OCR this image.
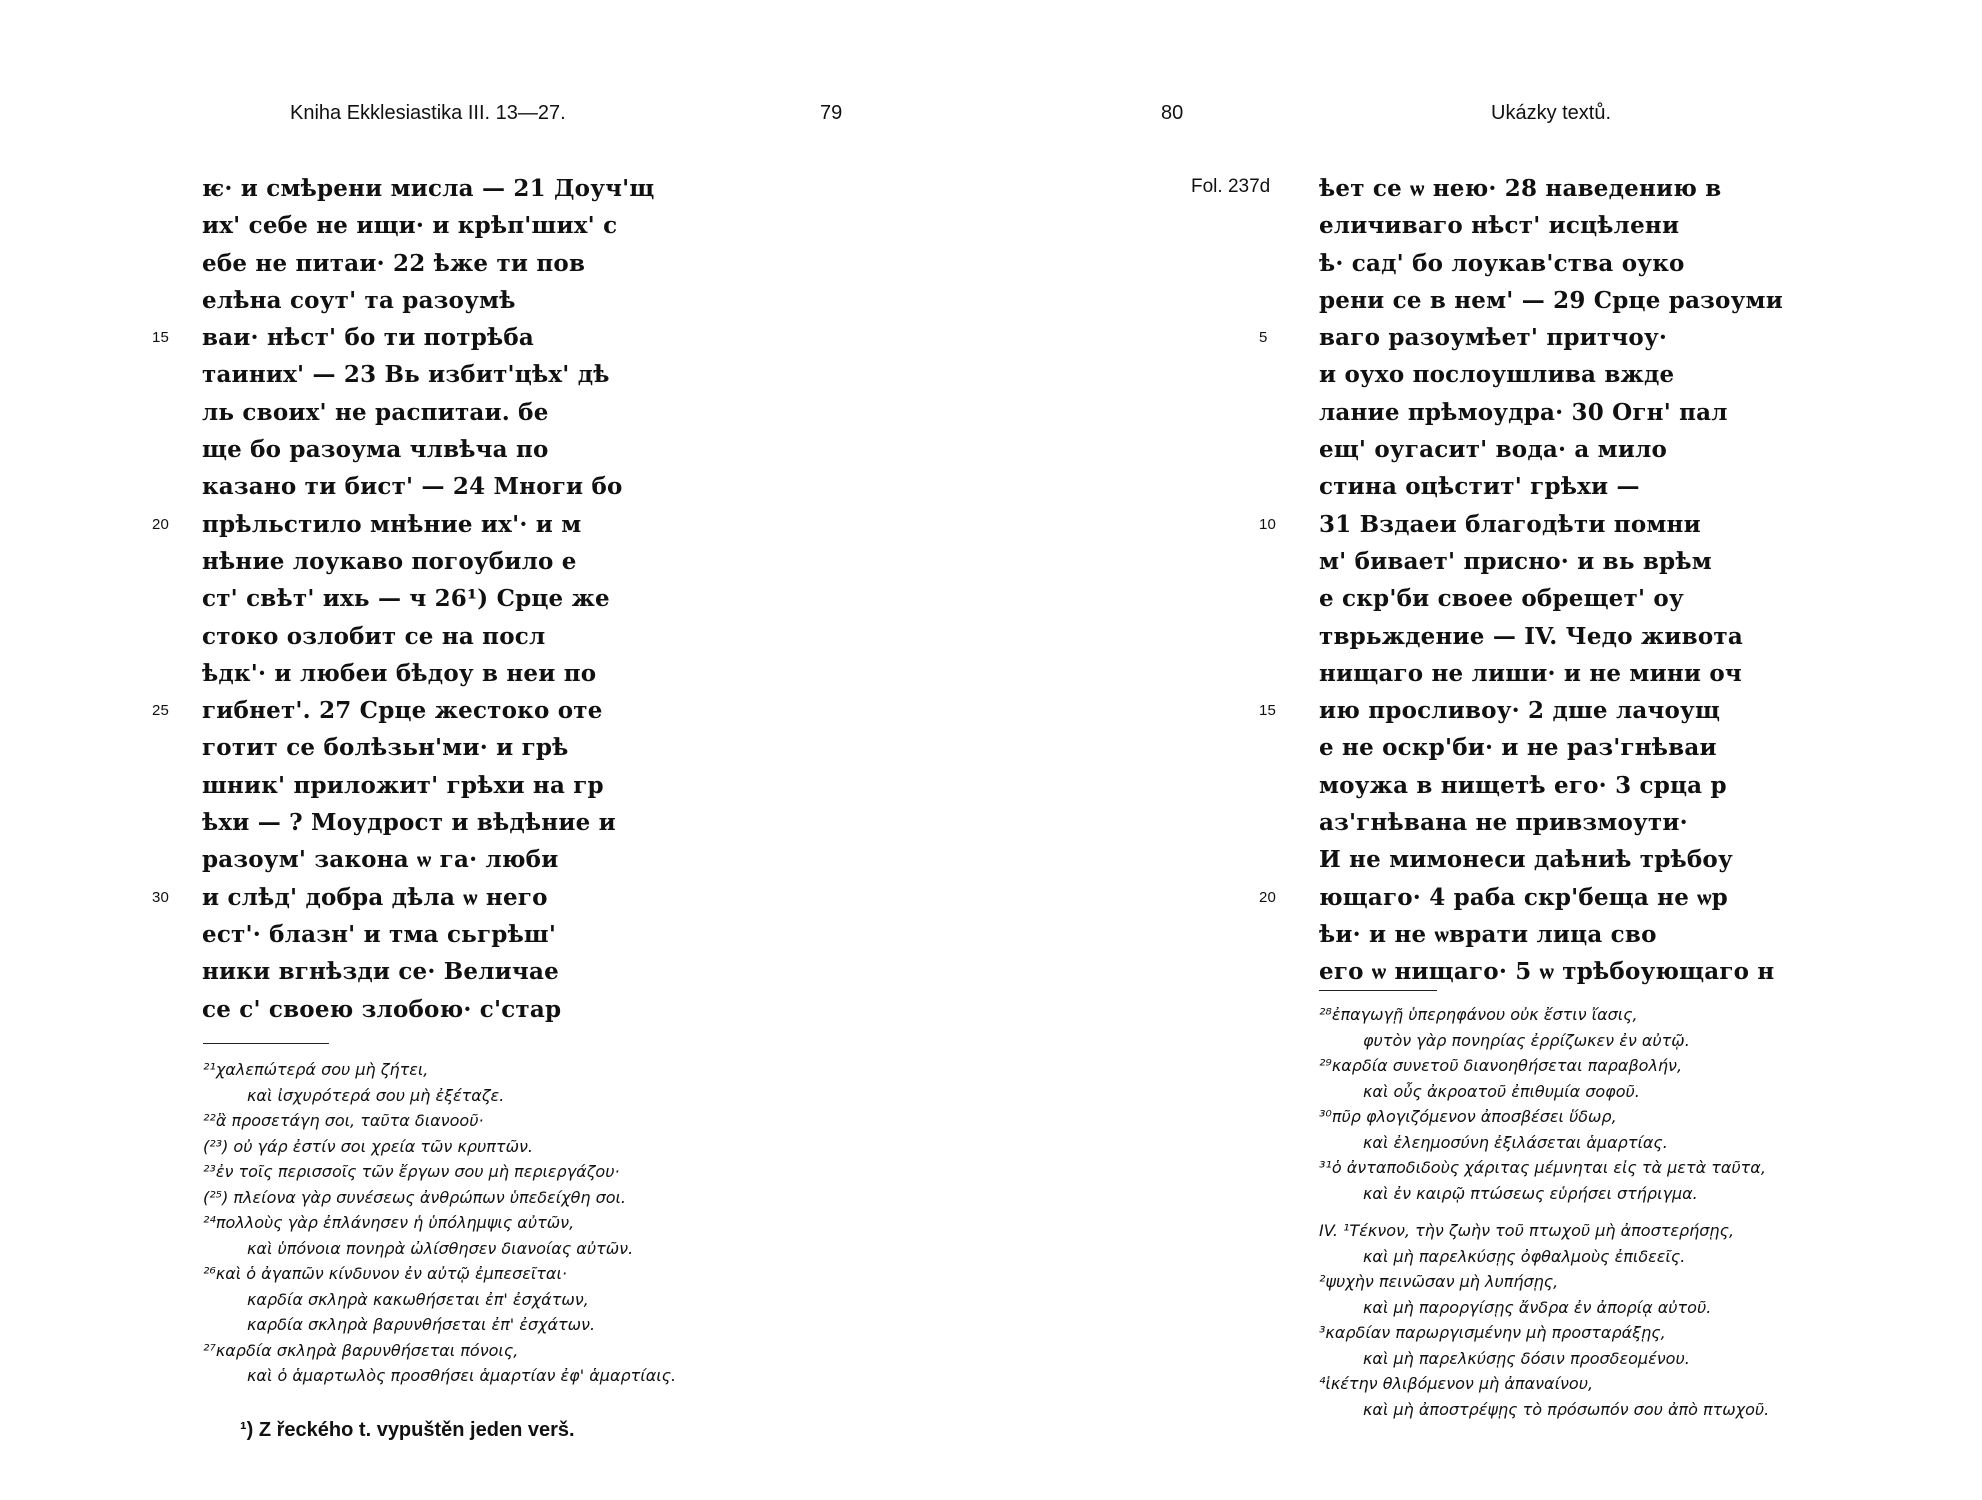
Kniha Ekklesiastika III. 13—27.	79
ѥ· и смѣрени мисла — 21 Доуч'щ
их' себе не ищи· и крѣп'ших' с
ебе не питаи· 22 ѣже ти пов
елѣна соут' та разоумѣ
15	ваи· нѣст' бо ти потрѣба
таиних' — 23 Вь избит'цѣх' дѣ
ль своих' не распитаи. бе
ще бо разоума члвѣча по
казано ти бист' — 24 Многи бо
20	прѣльстило мнѣние их'· и м
нѣние лоукаво погоубило е
ст' свѣт' ихь — ч 26¹) Срце же
стоко озлобит се на посл
ѣдк'· и любеи бѣдоу в неи по
25	гибнет'. 27 Срце жестоко оте
готит се болѣзьн'ми· и грѣ
шник' приложит' грѣхи на гр
ѣхи — ? Моудрост и вѣдѣние и
разоум' закона ѡ га· люби
30	и слѣд' добра дѣла ѡ него
ест'· блазн' и тма сьгрѣш'
ники вгнѣзди се· Величае
се с' своею злобою· с'стар
²¹χαλεπώτερά σου μὴ ζήτει,
καὶ ἰσχυρότερά σου μὴ ἐξέταζε.
²²ἃ προσετάγη σοι, ταῦτα διανοοῦ·
(²³) οὐ γάρ ἐστίν σοι χρεία τῶν κρυπτῶν.
²³ἐν τοῖς περισσοῖς τῶν ἔργων σου μὴ περιεργάζου·
(²⁵) πλείονα γὰρ συνέσεως ἀνθρώπων ὑπεδείχθη σοι.
²⁴πολλοὺς γὰρ ἐπλάνησεν ἡ ὑπόλημψις αὐτῶν,
καὶ ὑπόνοια πονηρὰ ὠλίσθησεν διανοίας αὐτῶν.
²⁶καὶ ὁ ἀγαπῶν κίνδυνον ἐν αὐτῷ ἐμπεσεῖται·
καρδία σκληρὰ κακωθήσεται ἐπ' ἐσχάτων,
καρδία σκληρὰ βαρυνθήσεται ἐπ' ἐσχάτων.
²⁷καρδία σκληρὰ βαρυνθήσεται πόνοις,
καὶ ὁ ἁμαρτωλὸς προσθήσει ἁμαρτίαν ἐφ' ἁμαρτίαις.
¹) Z řeckého t. vypuštěn jeden verš.
80	Ukázky textů.
Fol. 237d ѣет се ѡ нею· 28 наведению в
еличиваго нѣст' исцѣлени
ѣ· сад' бо лоукав'ства оуко
рени се в нем' — 29 Срце разоуми
5	ваго разоумѣет' притчоу·
и оухо послоушлива вжде
лание прѣмоудра· 30 Огн' пал
ещ' оугасит' вода· а мило
стина оцѣстит' грѣхи —
10	31 Вздаеи благодѣти помни
м' бивает' присно· и вь врѣм
е скр'би своее обрещет' оу
тврьждение — IV. Чедо живота
нищаго не лиши· и не мини оч
15	ию просливоу· 2 дше лачоущ
е не оскр'би· и не раз'гнѣваи
моужа в нищетѣ его· 3 срца р
аз'гнѣвана не привзмоути·
И не мимонеси даѣниѣ трѣбоу
20	ющаго· 4 раба скр'беща не ѡр
ѣи· и не ѡврати лица сво
его ѡ нищаго· 5 ѡ трѣбоующаго н
²⁸ἐπαγωγῇ ὑπερηφάνου οὐκ ἔστιν ἴασις,
φυτὸν γὰρ πονηρίας ἐρρίζωκεν ἐν αὐτῷ.
²⁹καρδία συνετοῦ διανοηθήσεται παραβολήν,
καὶ οὖς ἀκροατοῦ ἐπιθυμία σοφοῦ.
³⁰πῦρ φλογιζόμενον ἀποσβέσει ὕδωρ,
καὶ ἐλεημοσύνη ἐξιλάσεται ἁμαρτίας.
³¹ὁ ἀνταποδιδοὺς χάριτας μέμνηται εἰς τὰ μετὰ ταῦτα,
καὶ ἐν καιρῷ πτώσεως εὑρήσει στήριγμα.
IV. ¹Τέκνον, τὴν ζωὴν τοῦ πτωχοῦ μὴ ἀποστερήσῃς,
καὶ μὴ παρελκύσῃς ὀφθαλμοὺς ἐπιδεεῖς.
²ψυχὴν πεινῶσαν μὴ λυπήσῃς,
καὶ μὴ παροργίσῃς ἄνδρα ἐν ἀπορίᾳ αὐτοῦ.
³καρδίαν παρωργισμένην μὴ προσταράξῃς,
καὶ μὴ παρελκύσῃς δόσιν προσδεομένου.
⁴ἱκέτην θλιβόμενον μὴ ἀπαναίνου,
καὶ μὴ ἀποστρέψῃς τὸ πρόσωπόν σου ἀπὸ πτωχοῦ.
